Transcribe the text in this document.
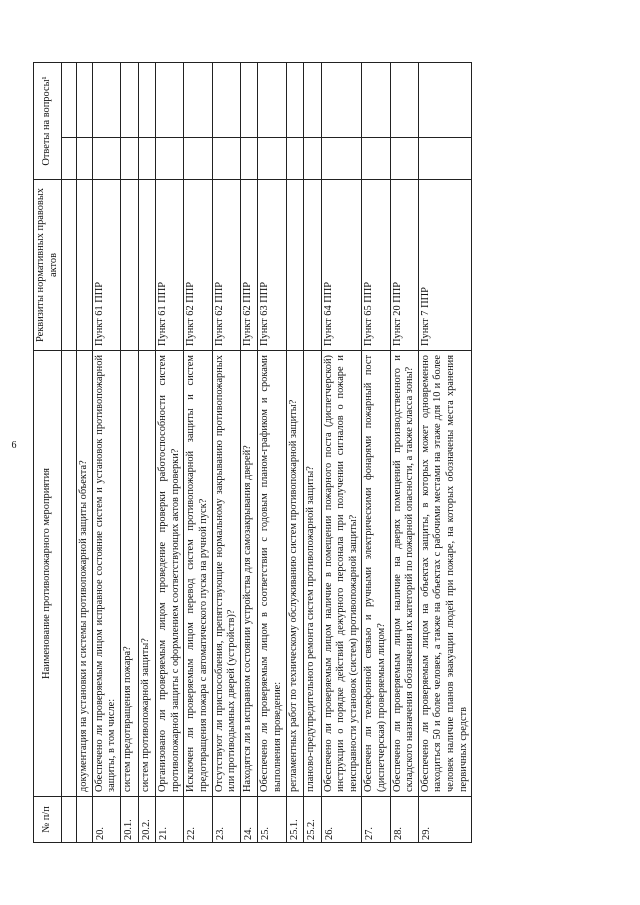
6
№ п/п	Наименование противопожарного мероприятия	Реквизиты нормативных правовых актов	Ответы на вопросы¹	

	документация на установки и системы противопожарной защиты объекта?			
20.	Обеспечено ли проверяемым лицом исправное состояние систем и установок противопожарной защиты, в том числе:	Пункт 61 ППР		
20.1.	систем предотвращения пожара?			
20.2.	систем противопожарной защиты?			
21.	Организовано ли проверяемым лицом проведение проверки работоспособности систем противопожарной защиты с оформлением соответствующих актов проверки?	Пункт 61 ППР		
22.	Исключен ли проверяемым лицом перевод систем противопожарной защиты и систем предотвращения пожара с автоматического пуска на ручной пуск?	Пункт 62 ППР		
23.	Отсутствуют ли приспособления, препятствующие нормальному закрыванию противопожарных или противодымных дверей (устройств)?	Пункт 62 ППР		
24.	Находятся ли в исправном состоянии устройства для самозакрывания дверей?	Пункт 62 ППР		
25.	Обеспечено ли проверяемым лицом в соответствии с годовым планом-графиком и сроками выполнения проведение:	Пункт 63 ППР		
25.1.	регламентных работ по техническому обслуживанию систем противопожарной защиты?			
25.2.	планово-предупредительного ремонта систем противопожарной защиты?			
26.	Обеспечено ли проверяемым лицом наличие в помещении пожарного поста (диспетчерской) инструкции о порядке действий дежурного персонала при получении сигналов о пожаре и неисправности установок (систем) противопожарной защиты?	Пункт 64 ППР		
27.	Обеспечен ли телефонной связью и ручными электрическими фонарями пожарный пост (диспетчерская) проверяемым лицом?	Пункт 65 ППР		
28.	Обеспечено ли проверяемым лицом наличие на дверях помещений производственного и складского назначения обозначения их категорий по пожарной опасности, а также класса зоны?	Пункт 20 ППР		
29.	Обеспечено ли проверяемым лицом на объектах защиты, в которых может одновременно находиться 50 и более человек, а также на объектах с рабочими местами на этаже для 10 и более человек наличие планов эвакуации людей при пожаре, на которых обозначены места хранения первичных средств	Пункт 7 ППР		
